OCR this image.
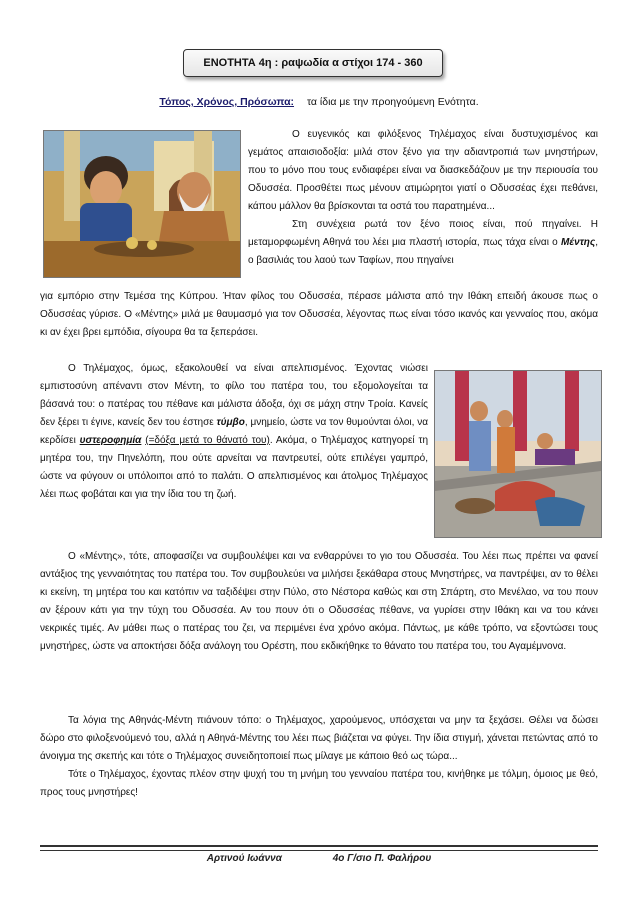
ΕΝΟΤΗΤΑ 4η : ραψωδία α στίχοι 174 - 360
Τόπος, Χρόνος, Πρόσωπα: τα ίδια με την προηγούμενη Ενότητα.

Ο ευγενικός και φιλόξενος Τηλέμαχος είναι δυστυχισμένος και γεμάτος απαισιοδοξία: μιλά στον ξένο για την αδιαντροπιά των μνηστήρων, που το μόνο που τους ενδιαφέρει είναι να διασκεδάζουν με την περιουσία του Οδυσσέα. Προσθέτει πως μένουν ατιμώρητοι γιατί ο Οδυσσέας έχει πεθάνει, κάπου μάλλον θα βρίσκονται τα οστά του παρατημένα...

Στη συνέχεια ρωτά τον ξένο ποιος είναι, πού πηγαίνει. Η μεταμορφωμένη Αθηνά του λέει μια πλαστή ιστορία, πως τάχα είναι ο Μέντης, ο βασιλιάς του λαού των Ταφίων, που πηγαίνει

για εμπόριο στην Τεμέσα της Κύπρου. Ήταν φίλος του Οδυσσέα, πέρασε μάλιστα από την Ιθάκη επειδή άκουσε πως ο Οδυσσέας γύρισε. Ο «Μέντης» μιλά με θαυμασμό για τον Οδυσσέα, λέγοντας πως είναι τόσο ικανός και γενναίος που, ακόμα κι αν έχει βρει εμπόδια, σίγουρα θα τα ξεπεράσει.

Ο Τηλέμαχος, όμως, εξακολουθεί να είναι απελπισμένος. Έχοντας νιώσει εμπιστοσύνη απέναντι στον Μέντη, το φίλο του πατέρα του, του εξομολογείται τα βάσανά του: ο πατέρας του πέθανε και μάλιστα άδοξα, όχι σε μάχη στην Τροία. Κανείς δεν ξέρει τι έγινε, κανείς δεν του έστησε τύμβο, μνημείο, ώστε να τον θυμούνται όλοι, να κερδίσει υστεροφημία (=δόξα μετά το θάνατό του). Ακόμα, ο Τηλέμαχος κατηγορεί τη μητέρα του, την Πηνελόπη, που ούτε αρνείται να παντρευτεί, ούτε επιλέγει γαμπρό, ώστε να φύγουν οι υπόλοιποι από το παλάτι. Ο απελπισμένος και άτολμος Τηλέμαχος λέει πως φοβάται και για την ίδια του τη ζωή.

Ο «Μέντης», τότε, αποφασίζει να συμβουλέψει και να ενθαρρύνει το γιο του Οδυσσέα. Του λέει πως πρέπει να φανεί αντάξιος της γενναιότητας του πατέρα του. Τον συμβουλεύει να μιλήσει ξεκάθαρα στους Μνηστήρες, να παντρέψει, αν το θέλει κι εκείνη, τη μητέρα του και κατόπιν να ταξιδέψει στην Πύλο, στο Νέστορα καθώς και στη Σπάρτη, στο Μενέλαο, να του πουν αν ξέρουν κάτι για την τύχη του Οδυσσέα. Αν του πουν ότι ο Οδυσσέας πέθανε, να γυρίσει στην Ιθάκη και να του κάνει νεκρικές τιμές. Αν μάθει πως ο πατέρας του ζει, να περιμένει ένα χρόνο ακόμα. Πάντως, με κάθε τρόπο, να εξοντώσει τους μνηστήρες, ώστε να αποκτήσει δόξα ανάλογη του Ορέστη, που εκδικήθηκε το θάνατο του πατέρα του, του Αγαμέμνονα.

Τα λόγια της Αθηνάς-Μέντη πιάνουν τόπο: ο Τηλέμαχος, χαρούμενος, υπόσχεται να μην τα ξεχάσει. Θέλει να δώσει δώρο στο φιλοξενούμενό του, αλλά η Αθηνά-Μέντης του λέει πως βιάζεται να φύγει. Την ίδια στιγμή, χάνεται πετώντας από το άνοιγμα της σκεπής και τότε ο Τηλέμαχος συνειδητοποιεί πως μίλαγε με κάποιο θεό ως τώρα...

Τότε ο Τηλέμαχος, έχοντας πλέον στην ψυχή του τη μνήμη του γενναίου πατέρα του, κινήθηκε με τόλμη, όμοιος με θεό, προς τους μνηστήρες!

Αρτινού Ιωάννα	4ο Γ/σιο Π. Φαλήρου
